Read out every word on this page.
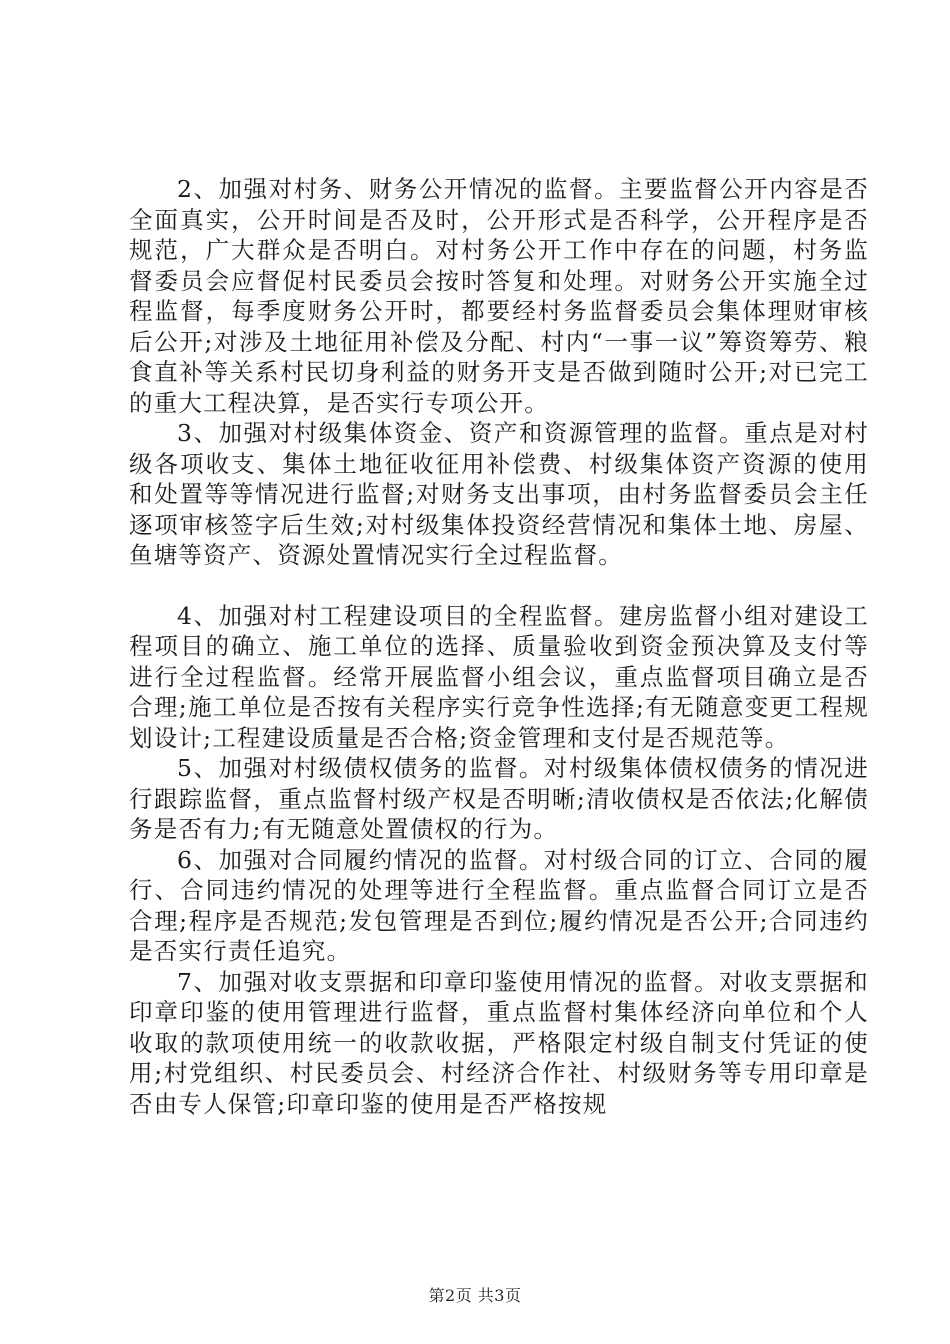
2、加强对村务、财务公开情况的监督。主要监督公开内容是否全面真实，公开时间是否及时，公开形式是否科学，公开程序是否规范，广大群众是否明白。对村务公开工作中存在的问题，村务监督委员会应督促村民委员会按时答复和处理。对财务公开实施全过程监督，每季度财务公开时，都要经村务监督委员会集体理财审核后公开;对涉及土地征用补偿及分配、村内“一事一议”筹资筹劳、粮食直补等关系村民切身利益的财务开支是否做到随时公开;对已完工的重大工程决算，是否实行专项公开。

3、加强对村级集体资金、资产和资源管理的监督。重点是对村级各项收支、集体土地征收征用补偿费、村级集体资产资源的使用和处置等等情况进行监督;对财务支出事项，由村务监督委员会主任逐项审核签字后生效;对村级集体投资经营情况和集体土地、房屋、鱼塘等资产、资源处置情况实行全过程监督。

4、加强对村工程建设项目的全程监督。建房监督小组对建设工程项目的确立、施工单位的选择、质量验收到资金预决算及支付等进行全过程监督。经常开展监督小组会议，重点监督项目确立是否合理;施工单位是否按有关程序实行竞争性选择;有无随意变更工程规划设计;工程建设质量是否合格;资金管理和支付是否规范等。

5、加强对村级债权债务的监督。对村级集体债权债务的情况进行跟踪监督，重点监督村级产权是否明晰;清收债权是否依法;化解债务是否有力;有无随意处置债权的行为。

6、加强对合同履约情况的监督。对村级合同的订立、合同的履行、合同违约情况的处理等进行全程监督。重点监督合同订立是否合理;程序是否规范;发包管理是否到位;履约情况是否公开;合同违约是否实行责任追究。

7、加强对收支票据和印章印鉴使用情况的监督。对收支票据和印章印鉴的使用管理进行监督，重点监督村集体经济向单位和个人收取的款项使用统一的收款收据，严格限定村级自制支付凭证的使用;村党组织、村民委员会、村经济合作社、村级财务等专用印章是否由专人保管;印章印鉴的使用是否严格按规

第2页 共3页
